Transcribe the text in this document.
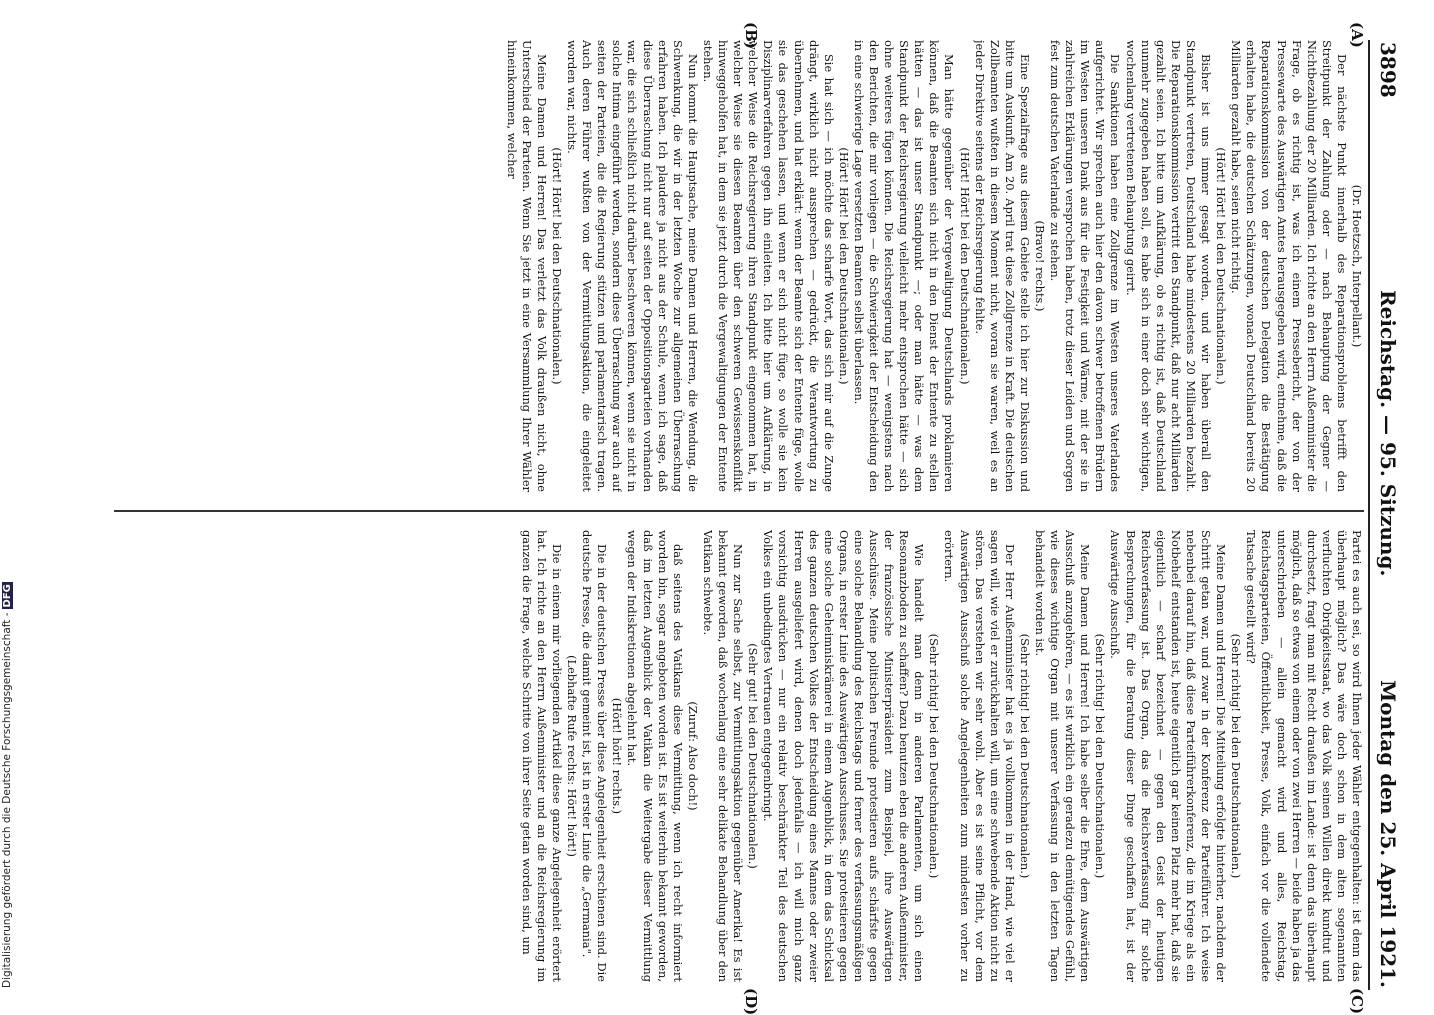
3898
Reichstag. — 95. Sitzung.
Montag den 25. April 1921.
(A)
(B)
(C)
(D)

(Dr. Hoetzsch, Interpellant.)

Der nächste Punkt innerhalb des Reparationsproblems betrifft den Streitpunkt der Zahlung oder — nach Behauptung der Gegner — Nichtbezahlung der 20 Milliarden. Ich richte an den Herrn Außenminister die Frage, ob es richtig ist, was ich einem Pressebericht, der von der Pressewarte des Auswärtigen Amtes herausgegeben wird, entnehme, daß die Reparationskommission von der deutschen Delegation die Bestätigung erhalten habe, die deutschen Schätzungen, wonach Deutschland bereits 20 Milliarden gezahlt habe, seien nicht richtig.

(Hört! Hört! bei den Deutschnationalen.)

Bisher ist uns immer gesagt worden, und wir haben überall den Standpunkt vertreten, Deutschland habe mindestens 20 Milliarden bezahlt. Die Reparationskommission vertritt den Standpunkt, daß nur acht Milliarden gezahlt seien. Ich bitte um Aufklärung, ob es richtig ist, daß Deutschland nunmehr zugegeben haben soll, es habe sich in einer doch sehr wichtigen, wochenlang vertretenen Behauptung geirrt.

Die Sanktionen haben eine Zollgrenze im Westen unseres Vaterlandes aufgerichtet. Wir sprechen auch hier den davon schwer betroffenen Brüdern im Westen unseren Dank aus für die Festigkeit und Wärme, mit der sie in zahlreichen Erklärungen versprochen haben, trotz dieser Leiden und Sorgen fest zum deutschen Vaterlande zu stehen.

(Bravo! rechts.)

Eine Spezialfrage aus diesem Gebiete stelle ich hier zur Diskussion und bitte um Auskunft. Am 20. April trat diese Zollgrenze in Kraft. Die deutschen Zollbeamten wußten in diesem Moment nicht, woran sie waren, weil es an jeder Direktive seitens der Reichsregierung fehlte.

(Hört! Hört! bei den Deutschnationalen.)

Man hätte gegenüber der Vergewaltigung Deutschlands proklamieren können, daß die Beamten sich nicht in den Dienst der Entente zu stellen hätten — das ist unser Standpunkt —; oder man hätte — was dem Standpunkt der Reichsregierung vielleicht mehr entsprochen hätte — sich ohne weiteres fügen können. Die Reichsregierung hat — wenigstens nach den Berichten, die mir vorliegen — die Schwierigkeit der Entscheidung den in eine schwierige Lage versetzten Beamten selbst überlassen.

(Hört! Hört! bei den Deutschnationalen.)

Sie hat sich — ich möchte das scharfe Wort, das sich mir auf die Zunge drängt, wirklich nicht aussprechen — gedrückt, die Verantwortung zu übernehmen, und hat erklärt: wenn der Beamte sich der Entente füge, wolle sie das geschehen lassen, und wenn er sich nicht füge, so wolle sie kein Disziplinarverfahren gegen ihn einleiten. Ich bitte hier um Aufklärung, in welcher Weise die Reichsregierung ihren Standpunkt eingenommen hat, in welcher Weise sie diesen Beamten über den schweren Gewissenskonflikt hinweggeholfen hat, in dem sie jetzt durch die Vergewaltigungen der Entente stehen.

Nun kommt die Hauptsache, meine Damen und Herren, die Wendung, die Schwenkung, die wir in der letzten Woche zur allgemeinen Überraschung erfahren haben. Ich plaudere ja nicht aus der Schule, wenn ich sage, daß diese Überraschung nicht nur auf seiten der Oppositionsparteien vorhanden war, die sich schließlich nicht darüber beschweren können, wenn sie nicht in solche Intima eingeführt werden, sondern diese Überraschung war auch auf seiten der Parteien, die die Regierung stützen und parlamentarisch tragen. Auch deren Führer wußten von der Vermittlungsaktion, die eingeleitet worden war, nichts.

(Hört! Hört! bei den Deutschnationalen.)

Meine Damen und Herren! Das verletzt das Volk draußen nicht, ohne Unterschied der Parteien. Wenn Sie jetzt in eine Versammlung Ihrer Wähler hineinkommen, welcher

Partei es auch sei, so wird Ihnen jeder Wähler entgegenhalten: ist denn das überhaupt möglich? Das wäre doch schon in dem alten sogenannten verfluchten Obrigkeitsstaat, wo das Volk seinen Willen direkt kundtut und durchsetzt, fragt man mit Recht draußen im Lande: ist denn das überhaupt möglich, daß so etwas von einem oder von zwei Herren — beide haben ja das unterschrieben — allein gemacht wird und alles, Reichstag, Reichstagsparteien, Öffentlichkeit, Presse, Volk, einfach vor die vollendete Tatsache gestellt wird?

(Sehr richtig! bei den Deutschnationalen.)

Meine Damen und Herren! Die Mitteilung erfolgte hinterher, nachdem der Schritt getan war, und zwar in der Konferenz der Parteiführer. Ich weise nebenbei darauf hin, daß diese Parteiführerkonferenz, die im Kriege als ein Notbehelf entstanden ist, heute eigentlich gar keinen Platz mehr hat, daß sie eigentlich — scharf bezeichnet — gegen den Geist der heutigen Reichsverfassung ist. Das Organ, das die Reichsverfassung für solche Besprechungen, für die Beratung dieser Dinge geschaffen hat, ist der Auswärtige Ausschuß.

(Sehr richtig! bei den Deutschnationalen.)

Meine Damen und Herren! Ich habe selber die Ehre, dem Auswärtigen Ausschuß anzugehören, — es ist wirklich ein geradezu demütigendes Gefühl, wie dieses wichtige Organ mit unserer Verfassung in den letzten Tagen behandelt worden ist.

(Sehr richtig! bei den Deutschnationalen.)

Der Herr Außenminister hat es ja vollkommen in der Hand, wie viel er sagen will, wie viel er zurückhalten will, um eine schwebende Aktion nicht zu stören. Das verstehen wir sehr wohl. Aber es ist seine Pflicht, vor dem Auswärtigen Ausschuß solche Angelegenheiten zum mindesten vorher zu erörtern.

(Sehr richtig! bei den Deutschnationalen.)

Wie handelt man denn in anderen Parlamenten, um sich einen Resonanzboden zu schaffen? Dazu benutzen eben die anderen Außenminister, der französische Ministerpräsident zum Beispiel, ihre Auswärtigen Ausschüsse. Meine politischen Freunde protestieren aufs schärfste gegen eine solche Behandlung des Reichstags und ferner des verfassungsmäßigen Organs, in erster Linie des Auswärtigen Ausschusses. Sie protestieren gegen eine solche Geheimniskrämerei in einem Augenblick, in dem das Schicksal des ganzen deutschen Volkes der Entscheidung eines Mannes oder zweier Herren ausgeliefert wird, denen doch jedenfalls — ich will mich ganz vorsichtig ausdrücken — nur ein relativ beschränkter Teil des deutschen Volkes ein unbedingtes Vertrauen entgegenbringt.

(Sehr gut! bei den Deutschnationalen.)

Nun zur Sache selbst, zur Vermittlungsaktion gegenüber Amerika! Es ist bekannt geworden, daß wochenlang eine sehr delikate Behandlung über den Vatikan schwebte.

(Zuruf: Also doch!)

daß seitens des Vatikans diese Vermittlung, wenn ich recht informiert worden bin, sogar angeboten worden ist. Es ist weiterhin bekannt geworden, daß im letzten Augenblick der Vatikan die Weitergabe dieser Vermittlung wegen der Indiskretionen abgelehnt hat.

(Hört! hört! rechts.)

Die in der deutschen Presse über diese Angelegenheit erschienen sind. Die deutsche Presse, die damit gemeint ist, ist in erster Linie die „Germania".

(Lebhafte Rufe rechts: Hört! hört!)

Die in einem mir vorliegenden Artikel diese ganze Angelegenheit erörtert hat. Ich richte an den Herrn Außenminister und an die Reichsregierung im ganzen die Frage, welche Schritte von ihrer Seite getan worden sind, um

Digitalisierung gefördert durch die Deutsche Forschungsgemeinschaft -DFG
